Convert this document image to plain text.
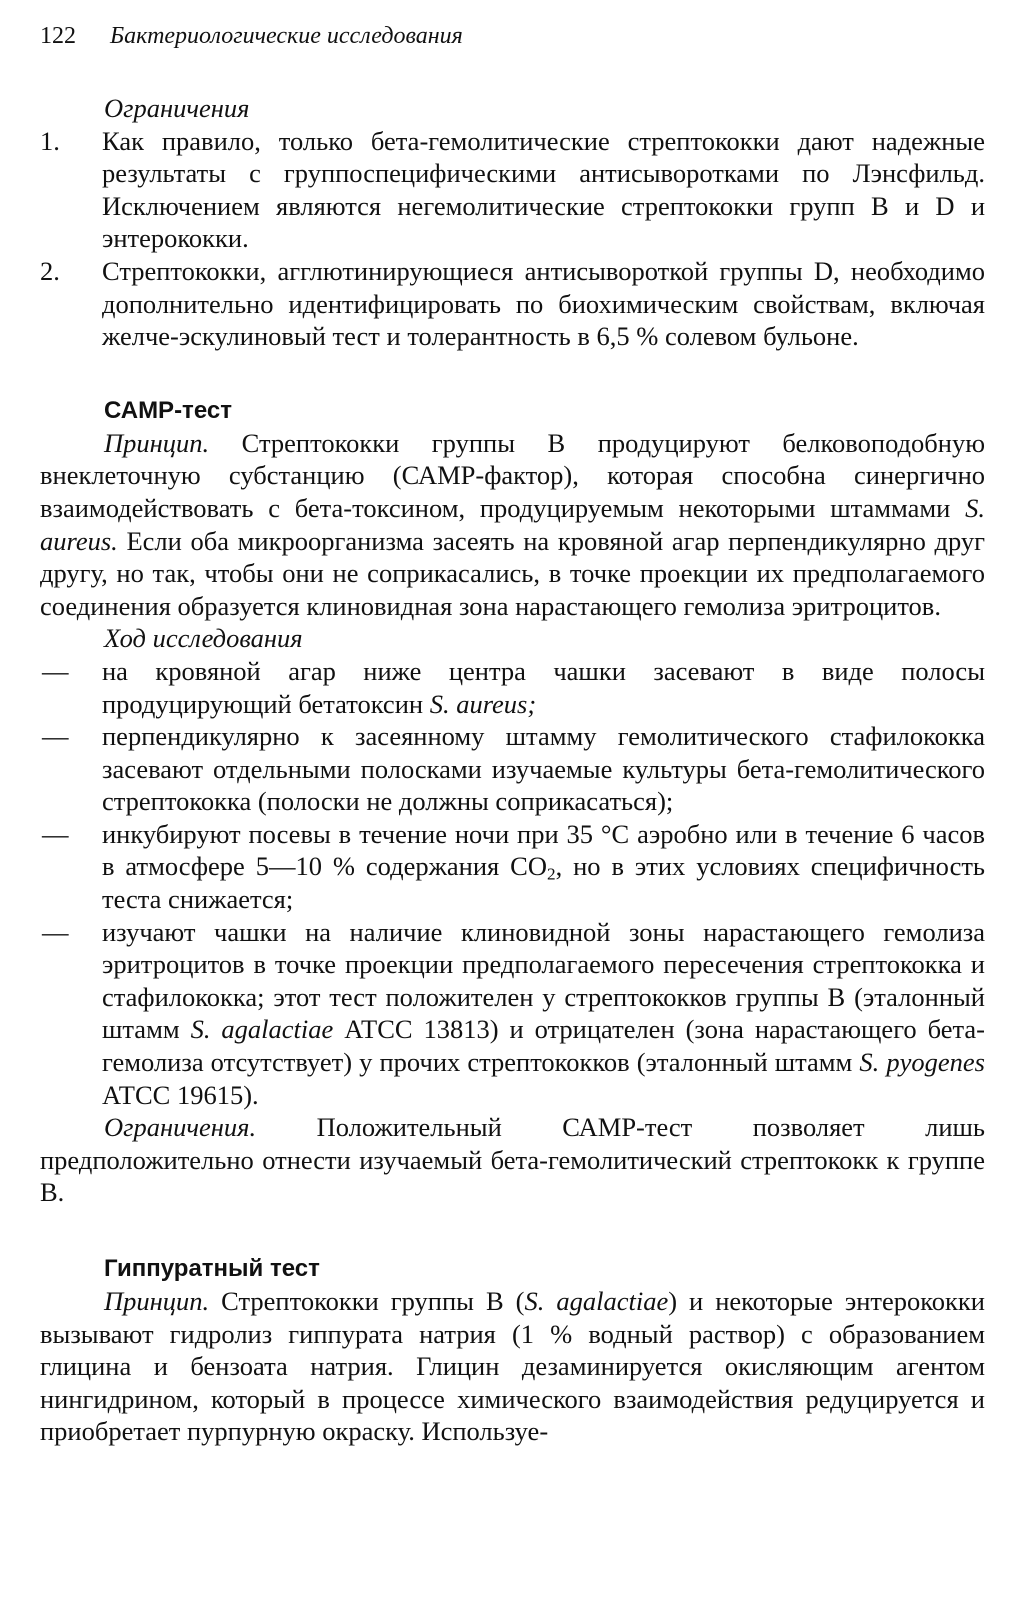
122 Бактериологические исследования

Ограничения

1.	Как правило, только бета-гемолитические стрептококки дают надежные результаты с группоспецифическими антисыворотками по Лэнсфильд. Исключением являются негемолитические стрептококки групп В и D и энтерококки.
2.	Стрептококки, агглютинирующиеся антисывороткой группы D, необходимо дополнительно идентифицировать по биохимическим свойствам, включая желче-эскулиновый тест и толерантность в 6,5 % солевом бульоне.

САМР-тест

Принцип. Стрептококки группы В продуцируют белковоподобную внеклеточную субстанцию (САМР-фактор), которая способна синергично взаимодействовать с бета-токсином, продуцируемым некоторыми штаммами S. aureus. Если оба микроорганизма засеять на кровяной агар перпендикулярно друг другу, но так, чтобы они не соприкасались, в точке проекции их предполагаемого соединения образуется клиновидная зона нарастающего гемолиза эритроцитов.

Ход исследования

—	на кровяной агар ниже центра чашки засевают в виде полосы продуцирующий бетатоксин S. aureus;
—	перпендикулярно к засеянному штамму гемолитического стафилококка засевают отдельными полосками изучаемые культуры бета-гемолитического стрептококка (полоски не должны соприкасаться);
—	инкубируют посевы в течение ночи при 35 °С аэробно или в течение 6 часов в атмосфере 5—10 % содержания $СО_2$, но в этих условиях специфичность теста снижается;
—	изучают чашки на наличие клиновидной зоны нарастающего гемолиза эритроцитов в точке проекции предполагаемого пересечения стрептококка и стафилококка; этот тест положителен у стрептококков группы В (эталонный штамм S. agalactiae АТСС 13813) и отрицателен (зона нарастающего бета-гемолиза отсутствует) у прочих стрептококков (эталонный штамм S. pyogenes АТСС 19615).

Ограничения. Положительный САМР-тест позволяет лишь предположительно отнести изучаемый бета-гемолитический стрептококк к группе В.

Гиппуратный тест

Принцип. Стрептококки группы В (S. agalactiae) и некоторые энтерококки вызывают гидролиз гиппурата натрия (1 % водный раствор) с образованием глицина и бензоата натрия. Глицин дезаминируется окисляющим агентом нингидрином, который в процессе химического взаимодействия редуцируется и приобретает пурпурную окраску. Используе-
